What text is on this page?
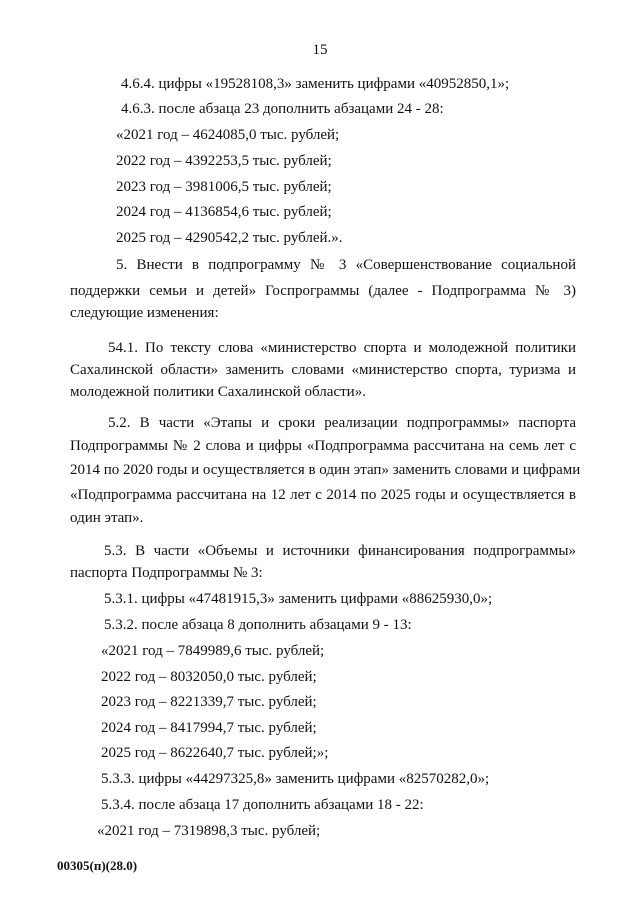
15
4.6.4. цифры «19528108,3» заменить цифрами «40952850,1»;
4.6.3. после абзаца 23 дополнить абзацами 24 - 28:
«2021 год – 4624085,0 тыс. рублей;
2022 год – 4392253,5 тыс. рублей;
2023 год – 3981006,5 тыс. рублей;
2024 год – 4136854,6 тыс. рублей;
2025 год – 4290542,2 тыс. рублей.».
5. Внести в подпрограмму № 3 «Совершенствование социальной
поддержки семьи и детей» Госпрограммы (далее - Подпрограмма № 3)
следующие изменения:
54.1. По тексту слова «министерство спорта и молодежной политики
Сахалинской области» заменить словами «министерство спорта, туризма и
молодежной политики Сахалинской области».
5.2. В части «Этапы и сроки реализации подпрограммы» паспорта
Подпрограммы № 2 слова и цифры «Подпрограмма рассчитана на семь лет с
2014 по 2020 годы и осуществляется в один этап» заменить словами и цифрами
«Подпрограмма рассчитана на 12 лет с 2014 по 2025 годы и осуществляется в
один этап».
5.3. В части «Объемы и источники финансирования подпрограммы»
паспорта Подпрограммы № 3:
5.3.1. цифры «47481915,3» заменить цифрами «88625930,0»;
5.3.2. после абзаца 8 дополнить абзацами 9 - 13:
«2021 год – 7849989,6 тыс. рублей;
2022 год – 8032050,0 тыс. рублей;
2023 год – 8221339,7 тыс. рублей;
2024 год – 8417994,7 тыс. рублей;
2025 год – 8622640,7 тыс. рублей;»;
5.3.3. цифры «44297325,8» заменить цифрами «82570282,0»;
5.3.4. после абзаца 17 дополнить абзацами 18 - 22:
«2021 год – 7319898,3 тыс. рублей;
00305(п)(28.0)
